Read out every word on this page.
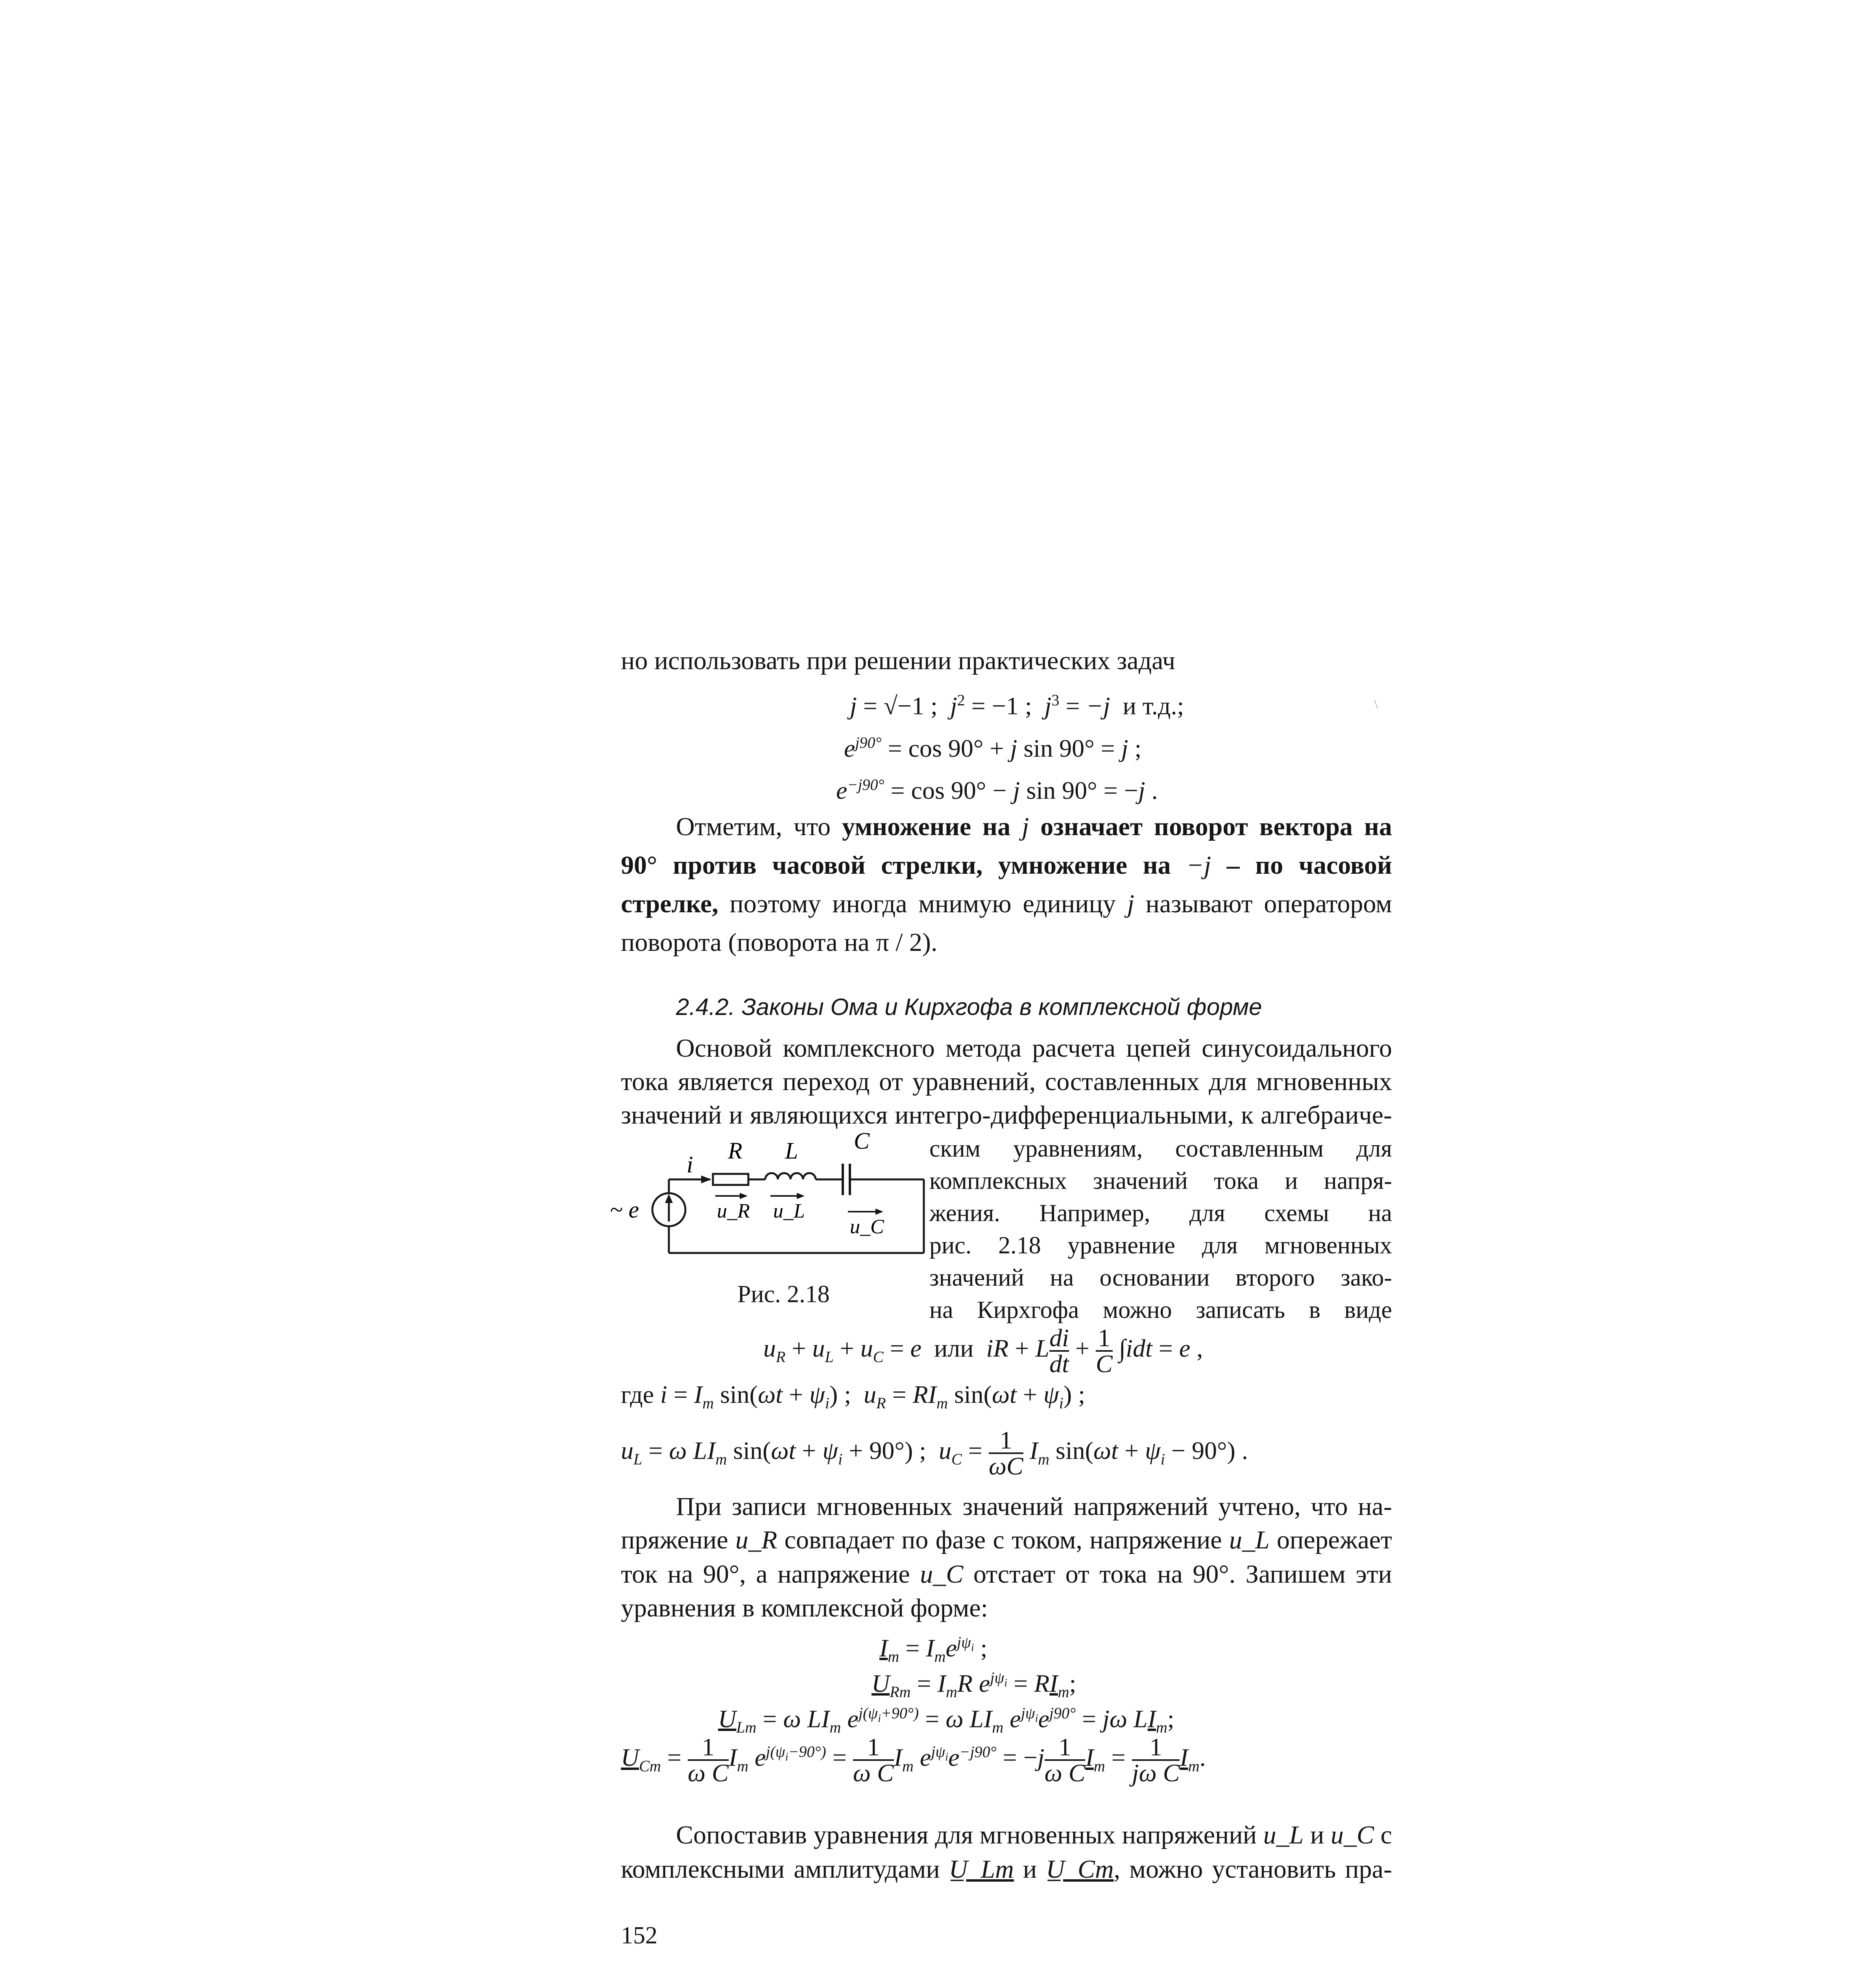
но использовать при решении практических задач
j = √−1 ;  $j^2 = -1$ ;  $j^3 = -j$  и т.д.;
$e^{j90^\circ} = \cos 90^\circ + j$ sin 90° = j ;
$e^{-j90^\circ} = \cos 90^\circ - j$ sin 90° = −j .
\
Отметим, что умножение на j означает поворот вектора на
90° против часовой стрелки, умножение на −j – по часовой
стрелке, поэтому иногда мнимую единицу j называют оператором
поворота (поворота на π / 2).
2.4.2. Законы Ома и Кирхгофа в комплексной форме
Основой комплексного метода расчета цепей синусоидального
тока является переход от уравнений, составленных для мгновенных
значений и являющихся интегро-дифференциальными, к алгебраиче-
ским уравнениям, составленным для
комплексных значений тока и напря-
жения. Например, для схемы на
рис. 2.18 уравнение для мгновенных
значений на основании второго зако-
на Кирхгофа можно записать в виде
i
R L C
u_R u_L
u_C
~ e
Рис. 2.18
$u_R + u_L + u_C = e$  или  iR + L $\frac{di}{dt} + \frac{1}{C} \int idt = e$ ,
где $i = I_m$ $\sin(\omega t + \psi_i)$ ;  $u_R = RI_m$ $\sin(\omega t + \psi_i)$ ;
$u_L = \omega$ $LI_m$ $\sin(\omega t + \psi_i + 90^\circ)$ ;  $u_C = \frac{1}{\omega C} I_m$ $\sin(\omega t + \psi_i - 90^\circ)$ .
При записи мгновенных значений напряжений учтено, что на-
пряжение u_R совпадает по фазе с током, напряжение u_L опережает
ток на 90°, а напряжение u_C отстает от тока на 90°. Запишем эти
уравнения в комплексной форме:
$I_m = I_me^{j\psi_i}$ ;
$U_{Rm} = I_mR$ $e^{j\psi_i} = RI_m$;
$U_{Lm} = \omega$ $LI_m$ $e^{j(\psi_i+90^\circ)} = \omega$ $LI_m$ $e^{j\psi_i}e^{j90^\circ} = j\omega$ $LI_m$;
$U_{Cm} = \frac{1}{\text{ω C}} I_m$ $e^{j(\psi_i-90^\circ)} = \frac{1}{\text{ω C}} I_m$ $e^{j\psi_i}e^{-j90^\circ} = -j \frac{1}{\text{ω C}} I_m = \frac{1}{\text{jω C}} I_m$.
Сопоставив уравнения для мгновенных напряжений u_L и u_C с
комплексными амплитудами U̲_Lm и U̲_Cm, можно установить пра-
152
